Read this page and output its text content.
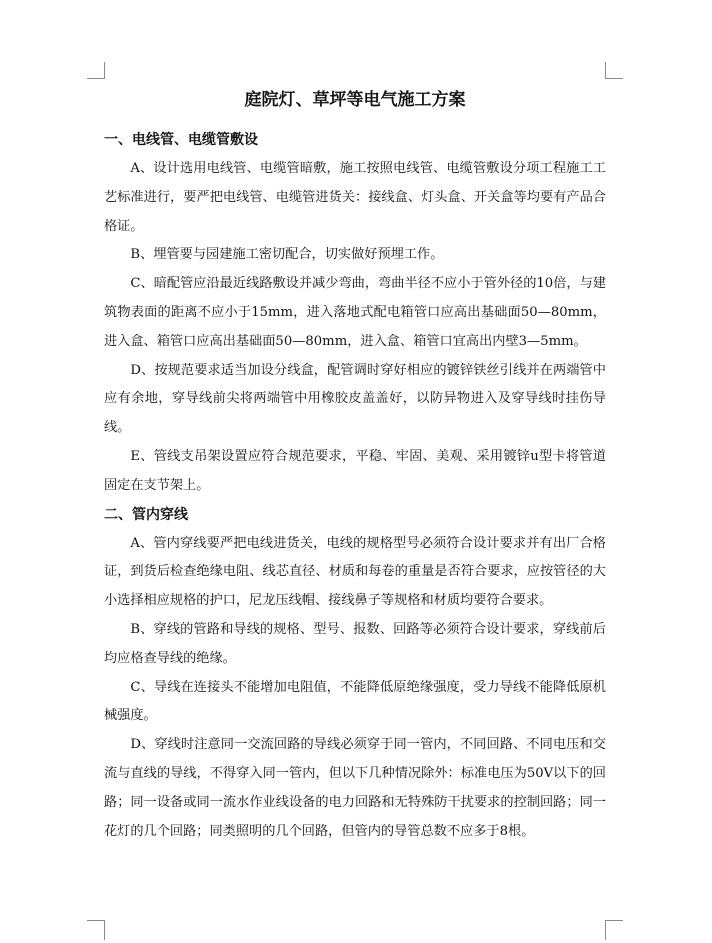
庭院灯、草坪等电气施工方案

一、电线管、电缆管敷设

A、设计选用电线管、电缆管暗敷，施工按照电线管、电缆管敷设分项工程施工工艺标准进行，要严把电线管、电缆管进货关：接线盒、灯头盒、开关盒等均要有产品合格证。

B、埋管要与园建施工密切配合，切实做好预埋工作。

C、暗配管应沿最近线路敷设并减少弯曲，弯曲半径不应小于管外径的10倍，与建筑物表面的距离不应小于15mm，进入落地式配电箱管口应高出基础面50—80mm，进入盒、箱管口应高出基础面50—80mm，进入盒、箱管口宜高出内壁3—5mm。

D、按规范要求适当加设分线盒，配管调时穿好相应的镀锌铁丝引线并在两端管中应有余地，穿导线前尖将两端管中用橡胶皮盖盖好，以防异物进入及穿导线时挂伤导线。

E、管线支吊架设置应符合规范要求，平稳、牢固、美观、采用镀锌u型卡将管道固定在支节架上。

二、管内穿线

A、管内穿线要严把电线进货关，电线的规格型号必须符合设计要求并有出厂合格证，到货后检查绝缘电阻、线芯直径、材质和每卷的重量是否符合要求，应按管径的大小选择相应规格的护口，尼龙压线帽、接线鼻子等规格和材质均要符合要求。

B、穿线的管路和导线的规格、型号、报数、回路等必须符合设计要求，穿线前后均应格查导线的绝缘。

C、导线在连接头不能增加电阻值，不能降低原绝缘强度，受力导线不能降低原机械强度。

D、穿线时注意同一交流回路的导线必须穿于同一管内，不同回路、不同电压和交流与直线的导线，不得穿入同一管内，但以下几种情况除外：标准电压为50V以下的回路；同一设备或同一流水作业线设备的电力回路和无特殊防干扰要求的控制回路；同一花灯的几个回路；同类照明的几个回路，但管内的导管总数不应多于8根。
